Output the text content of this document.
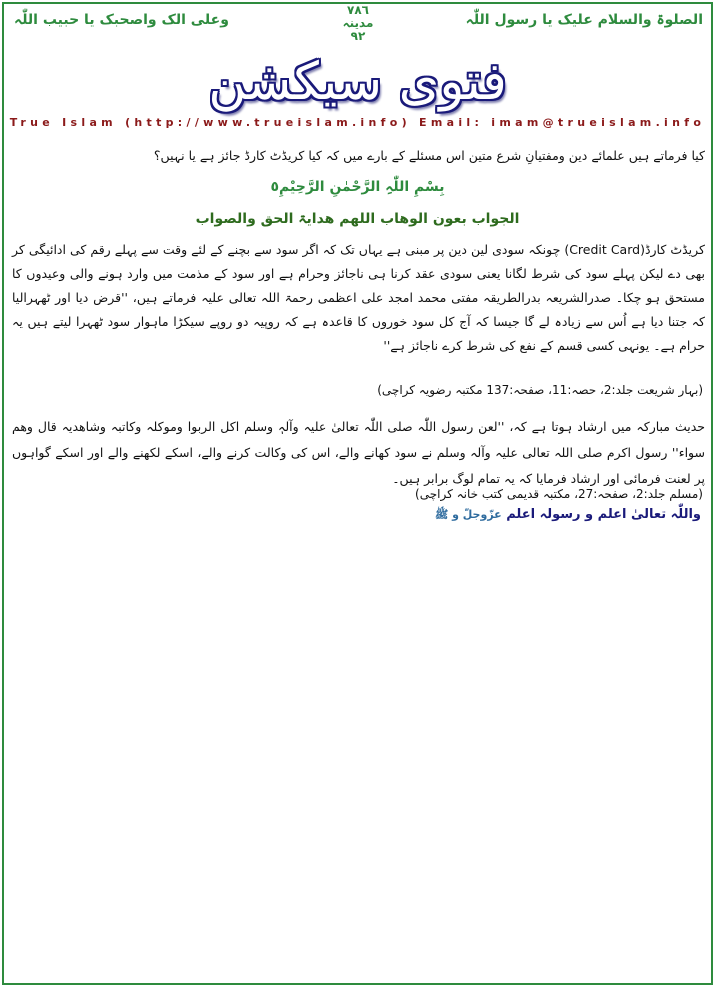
الصلوۃ والسلام علیک یا رسول اللّٰہ
٧٨٦
مدینہ
٩٢
وعلی الک واصحبک یا حبیب اللّٰہ
فتوی سیکشن
True Islam (http://www.trueislam.info) Email: imam@trueislam.info
کیا فرماتے ہیں علمائے دین ومفتیانِ شرع متین اس مسئلے کے بارے میں کہ کیا کریڈٹ کارڈ جائز ہے یا نہیں؟
بِسْمِ اللّٰہِ الرَّحْمٰنِ الرَّحِیْمِ٥
الجواب بعون الوھاب اللھم ھدایۃ الحق والصواب
کریڈٹ کارڈ(Credit Card) چونکہ سودی لین دین پر مبنی ہے یہاں تک کہ اگر سود سے بچنے کے لئے وقت سے پہلے رقم کی ادائیگی کر بھی دے لیکن پہلے سود کی شرط لگانا یعنی سودی عقد کرنا ہی ناجائز وحرام ہے اور سود کے مذمت میں وارد ہونے والی وعیدوں کا مستحق ہو چکا۔ صدرالشریعہ بدرالطریقہ مفتی محمد امجد علی اعظمی رحمۃ اللہ تعالی علیہ فرماتے ہیں، ''قرض دیا اور ٹھہرالیا کہ جتنا دیا ہے اُس سے زیادہ لے گا جیسا کہ آج کل سود خوروں کا قاعدہ ہے کہ روپیہ دو روپے سیکڑا ماہوار سود ٹھہرا لیتے ہیں یہ حرام ہے۔ یونہی کسی قسم کے نفع کی شرط کرے ناجائز ہے''
(بہار شریعت جلد:2، حصہ:11، صفحہ:137 مکتبہ رضویہ کراچی)
حدیث مبارکہ میں ارشاد ہوتا ہے کہ، ''لعن رسول اللّٰہ صلی اللّٰہ تعالیٰ علیہ وآلہٖ وسلم اکل الربوا وموکلہ وکاتبہ وشاھدیہ قال وھم سواء'' رسول اکرم صلی اللہ تعالی علیہ وآلہ وسلم نے سود کھانے والے، اس کی وکالت کرنے والے، اسکے لکھنے والے اور اسکے گواہوں پر لعنت فرمائی اور ارشاد فرمایا کہ یہ تمام لوگ برابر ہیں۔
(مسلم جلد:2، صفحہ:27، مکتبہ قدیمی کتب خانہ کراچی)
واللّٰہ تعالیٰ اعلم و رسولہ اعلم عزّوجلّ و ﷺ
